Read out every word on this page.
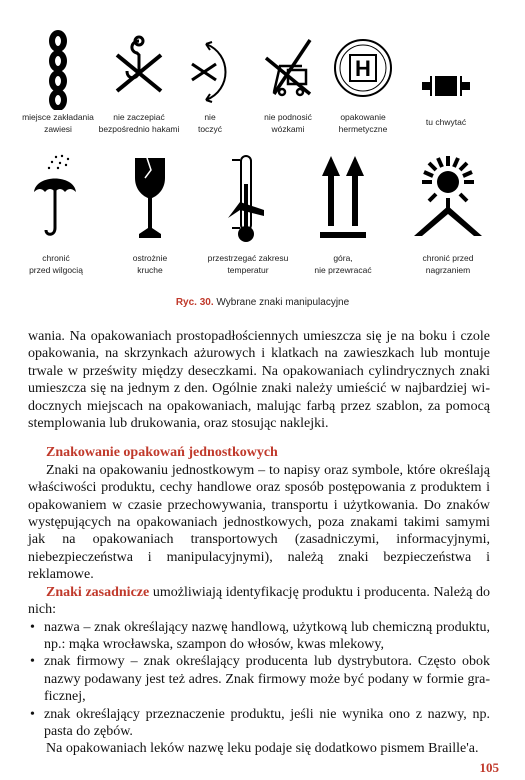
miejsce zakładania
zawiesi
nie zaczepiać
bezpośrednio hakami
nie
toczyć
nie podnosić
wózkami
H
opakowanie
hermetyczne
tu chwytać
chronić
przed wilgocią
ostrożnie
kruche
przestrzegać zakresu
temperatur
góra,
nie przewracać
chronić przed
nagrzaniem
Ryc. 30. Wybrane znaki manipulacyjne

wania. Na opakowaniach prostopadłościennych umieszcza się je na boku i czole opakowania, na skrzynkach ażurowych i klatkach na zawieszkach lub montuje trwale w prześwity między deseczkami. Na opakowaniach cylindrycznych znaki umieszcza się na jednym z den. Ogólnie znaki należy umieścić w najbardziej widocznych miejscach na opakowaniach, malując farbą przez szablon, za pomocą stemplowania lub drukowania, oraz stosując naklejki.

Znakowanie opakowań jednostkowych

Znaki na opakowaniu jednostkowym – to napisy oraz symbole, które określają właściwości produktu, cechy handlowe oraz sposób postępowania z produktem i opakowaniem w czasie przechowywania, transportu i użytkowania. Do znaków występujących na opakowaniach jednostkowych, poza znakami takimi samymi jak na opakowaniach transportowych (zasadniczymi, informacyjnymi, niebezpieczeństwa i manipulacyjnymi), należą znaki bezpieczeństwa i reklamowe.

Znaki zasadnicze umożliwiają identyfikację produktu i producenta. Należą do nich:

• nazwa – znak określający nazwę handlową, użytkową lub chemiczną produktu, np.: mąka wrocławska, szampon do włosów, kwas mlekowy,
• znak firmowy – znak określający producenta lub dystrybutora. Często obok nazwy podawany jest też adres. Znak firmowy może być podany w formie graficznej,
• znak określający przeznaczenie produktu, jeśli nie wynika ono z nazwy, np. pasta do zębów.

Na opakowaniach leków nazwę leku podaje się dodatkowo pismem Braille'a.

105
